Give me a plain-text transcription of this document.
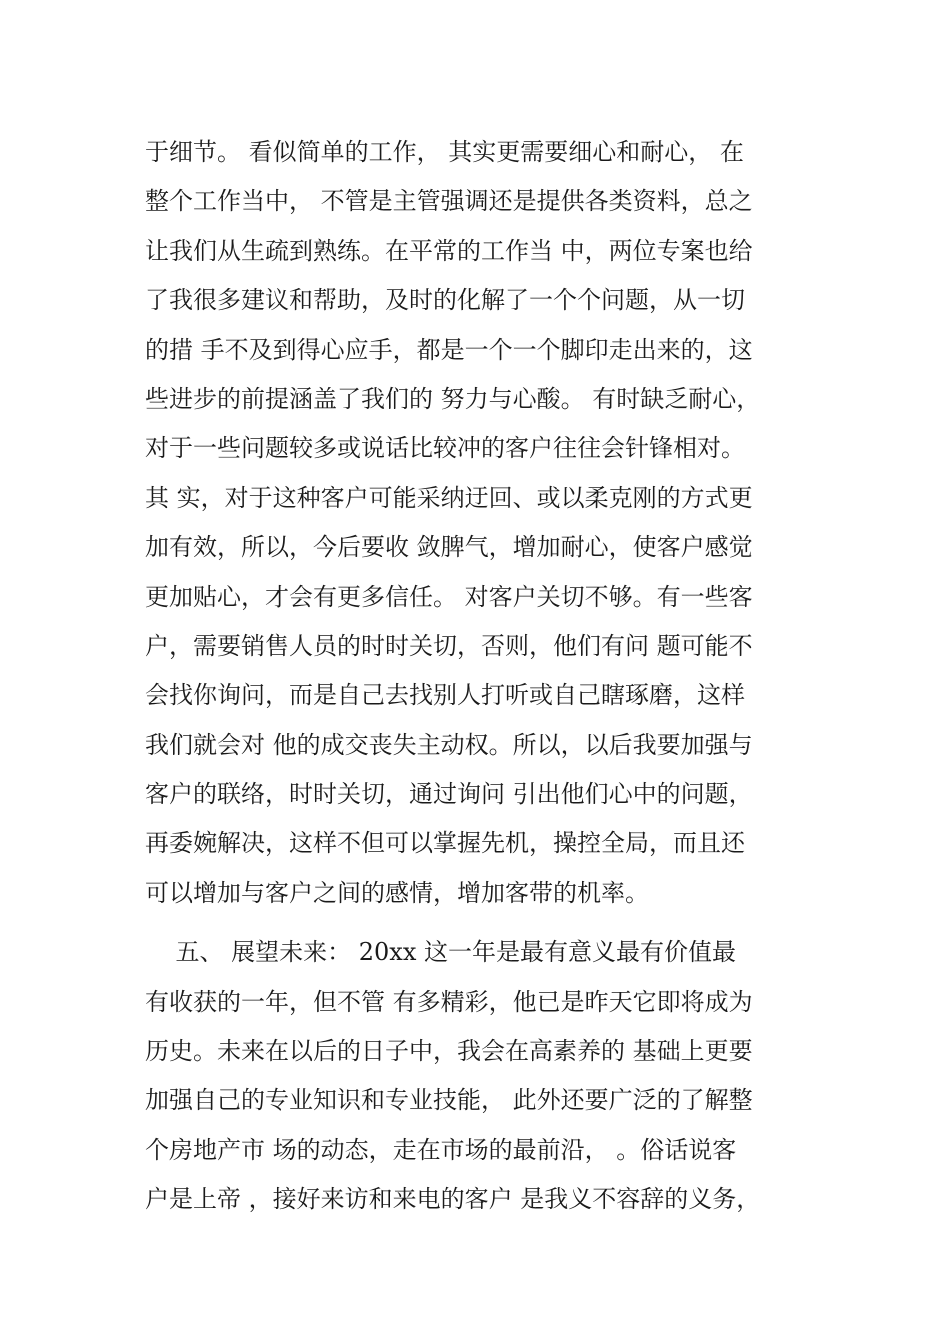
于细节。 看似简单的工作， 其实更需要细心和耐心， 在
整个工作当中， 不管是主管强调还是提供各类资料，总之
让我们从生疏到熟练。在平常的工作当 中，两位专案也给
了我很多建议和帮助，及时的化解了一个个问题，从一切
的措 手不及到得心应手，都是一个一个脚印走出来的，这
些进步的前提涵盖了我们的 努力与心酸。 有时缺乏耐心，
对于一些问题较多或说话比较冲的客户往往会针锋相对。
其 实，对于这种客户可能采纳迂回、或以柔克刚的方式更
加有效，所以，今后要收 敛脾气，增加耐心，使客户感觉
更加贴心，才会有更多信任。 对客户关切不够。有一些客
户，需要销售人员的时时关切，否则，他们有问 题可能不
会找你询问，而是自己去找别人打听或自己瞎琢磨，这样
我们就会对 他的成交丧失主动权。所以，以后我要加强与
客户的联络，时时关切，通过询问 引出他们心中的问题，
再委婉解决，这样不但可以掌握先机，操控全局，而且还
可以增加与客户之间的感情，增加客带的机率。
五、 展望未来： 20xx 这一年是最有意义最有价值最
有收获的一年，但不管 有多精彩，他已是昨天它即将成为
历史。未来在以后的日子中，我会在高素养的 基础上更要
加强自己的专业知识和专业技能， 此外还要广泛的了解整
个房地产市 场的动态，走在市场的最前沿， 。俗话说客
户是上帝 ，接好来访和来电的客户 是我义不容辞的义务，
